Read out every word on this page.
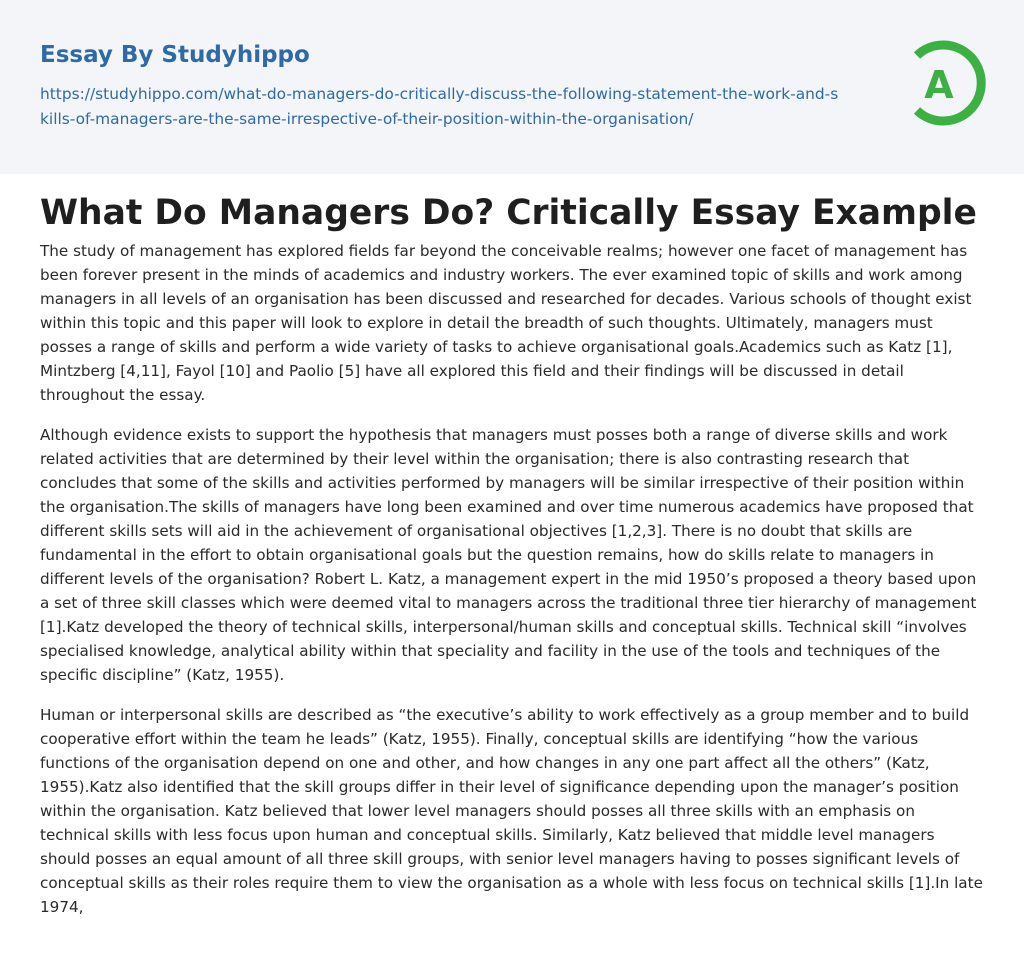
Essay By Studyhippo
https://studyhippo.com/what-do-managers-do-critically-discuss-the-following-statement-the-work-and-skills-of-managers-are-the-same-irrespective-of-their-position-within-the-organisation/
A
What Do Managers Do? Critically Essay Example

The study of management has explored fields far beyond the conceivable realms; however one facet of management has been forever present in the minds of academics and industry workers. The ever examined topic of skills and work among managers in all levels of an organisation has been discussed and researched for decades. Various schools of thought exist within this topic and this paper will look to explore in detail the breadth of such thoughts. Ultimately, managers must posses a range of skills and perform a wide variety of tasks to achieve organisational goals.Academics such as Katz [1], Mintzberg [4,11], Fayol [10] and Paolio [5] have all explored this field and their findings will be discussed in detail throughout the essay.

Although evidence exists to support the hypothesis that managers must posses both a range of diverse skills and work related activities that are determined by their level within the organisation; there is also contrasting research that concludes that some of the skills and activities performed by managers will be similar irrespective of their position within the organisation.The skills of managers have long been examined and over time numerous academics have proposed that different skills sets will aid in the achievement of organisational objectives [1,2,3]. There is no doubt that skills are fundamental in the effort to obtain organisational goals but the question remains, how do skills relate to managers in different levels of the organisation? Robert L. Katz, a management expert in the mid 1950’s proposed a theory based upon a set of three skill classes which were deemed vital to managers across the traditional three tier hierarchy of management [1].Katz developed the theory of technical skills, interpersonal/human skills and conceptual skills. Technical skill “involves specialised knowledge, analytical ability within that speciality and facility in the use of the tools and techniques of the specific discipline” (Katz, 1955).

Human or interpersonal skills are described as “the executive’s ability to work effectively as a group member and to build cooperative effort within the team he leads” (Katz, 1955). Finally, conceptual skills are identifying “how the various functions of the organisation depend on one and other, and how changes in any one part affect all the others” (Katz, 1955).Katz also identified that the skill groups differ in their level of significance depending upon the manager’s position within the organisation. Katz believed that lower level managers should posses all three skills with an emphasis on technical skills with less focus upon human and conceptual skills. Similarly, Katz believed that middle level managers should posses an equal amount of all three skill groups, with senior level managers having to posses significant levels of conceptual skills as their roles require them to view the organisation as a whole with less focus on technical skills [1].In late 1974,
